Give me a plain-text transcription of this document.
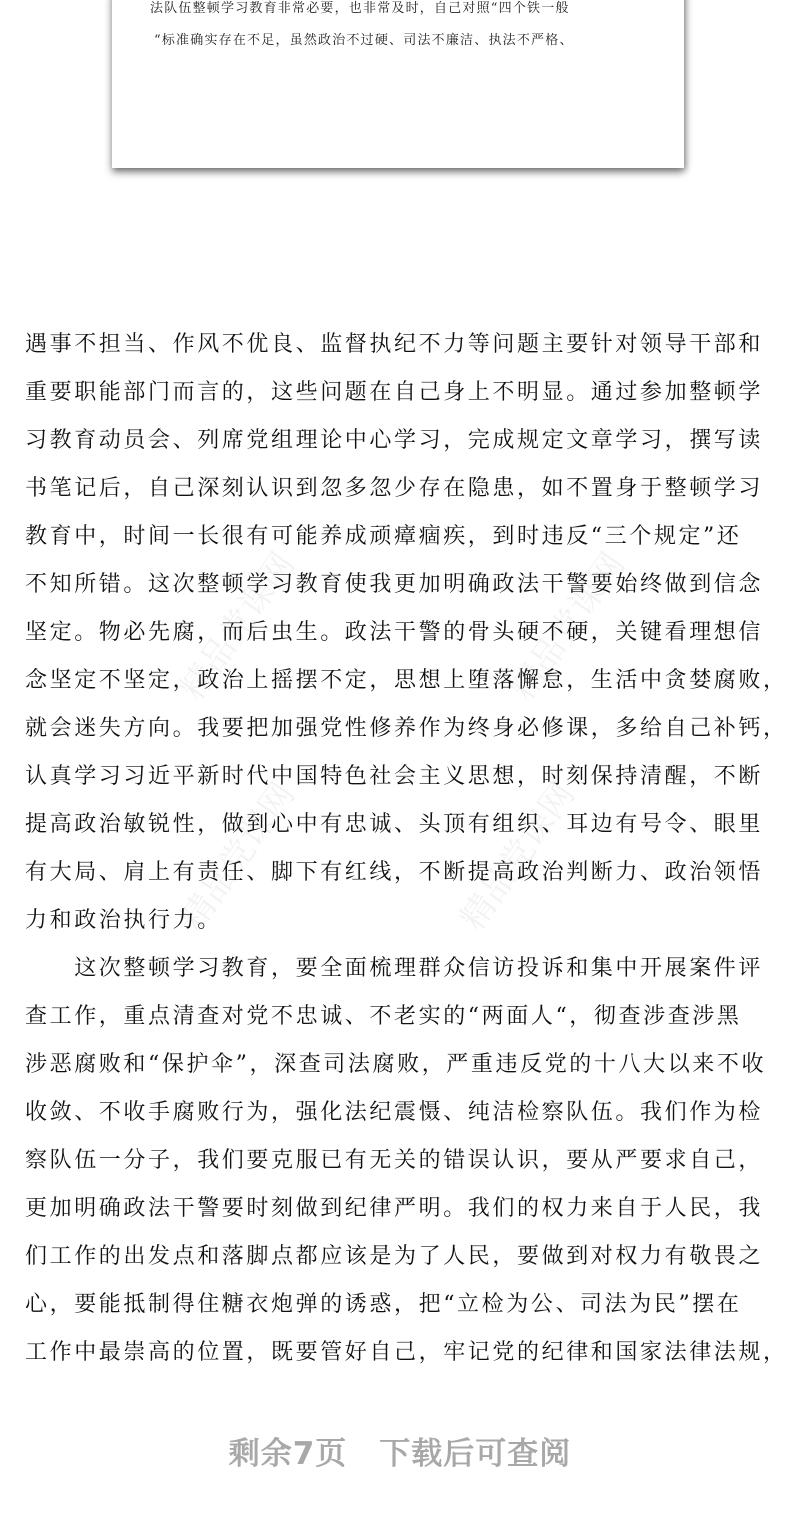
法队伍整顿学习教育非常必要，也非常及时，自己对照“四个铁一般
“标准确实存在不足，虽然政治不过硬、司法不廉洁、执法不严格、
精品党课网	精品党课网
精品党课网	精品党课网
遇事不担当、作风不优良、监督执纪不力等问题主要针对领导干部和
重要职能部门而言的，这些问题在自己身上不明显。通过参加整顿学
习教育动员会、列席党组理论中心学习，完成规定文章学习，撰写读
书笔记后，自己深刻认识到忽多忽少存在隐患，如不置身于整顿学习
教育中，时间一长很有可能养成顽瘴痼疾，到时违反“三个规定”还
不知所错。这次整顿学习教育使我更加明确政法干警要始终做到信念
坚定。物必先腐，而后虫生。政法干警的骨头硬不硬，关键看理想信
念坚定不坚定，政治上摇摆不定，思想上堕落懈怠，生活中贪婪腐败，
就会迷失方向。我要把加强党性修养作为终身必修课，多给自己补钙，
认真学习习近平新时代中国特色社会主义思想，时刻保持清醒，不断
提高政治敏锐性，做到心中有忠诚、头顶有组织、耳边有号令、眼里
有大局、肩上有责任、脚下有红线，不断提高政治判断力、政治领悟
力和政治执行力。
　　这次整顿学习教育，要全面梳理群众信访投诉和集中开展案件评
查工作，重点清查对党不忠诚、不老实的“两面人“，彻查涉查涉黑
涉恶腐败和“保护伞”，深查司法腐败，严重违反党的十八大以来不收
收敛、不收手腐败行为，强化法纪震慑、纯洁检察队伍。我们作为检
察队伍一分子，我们要克服已有无关的错误认识，要从严要求自己，
更加明确政法干警要时刻做到纪律严明。我们的权力来自于人民，我
们工作的出发点和落脚点都应该是为了人民，要做到对权力有敬畏之
心，要能抵制得住糖衣炮弹的诱惑，把“立检为公、司法为民”摆在
工作中最崇高的位置，既要管好自己，牢记党的纪律和国家法律法规，
剩余7页 下载后可查阅
